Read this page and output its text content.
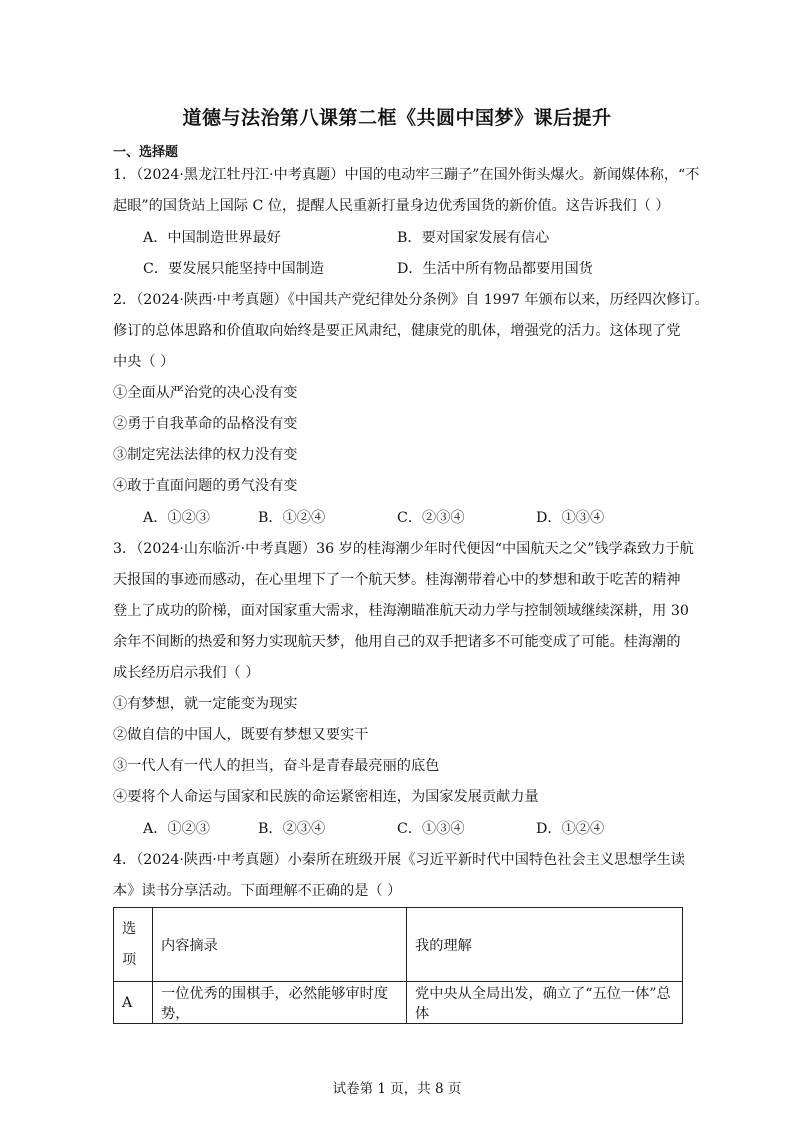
道德与法治第八课第二框《共圆中国梦》课后提升
一、选择题
1．（2024·黑龙江牡丹江·中考真题）中国的电动牢三蹦子”在国外街头爆火。新闻媒体称，“不
起眼”的国货站上国际 C 位，提醒人民重新打量身边优秀国货的新价值。这告诉我们（ ）
A．中国制造世界最好	B．要对国家发展有信心
C．要发展只能坚持中国制造	D．生活中所有物品都要用国货
2．（2024·陕西·中考真题）《中国共产党纪律处分条例》自 1997 年颁布以来，历经四次修订。
修订的总体思路和价值取向始终是要正风肃纪，健康党的肌体，增强党的活力。这体现了党
中央（ ）
①全面从严治党的决心没有变
②勇于自我革命的品格没有变
③制定宪法法律的权力没有变
④敢于直面问题的勇气没有变
A．①②③	B．①②④	C．②③④	D．①③④
3．（2024·山东临沂·中考真题）36 岁的桂海潮少年时代便因“中国航天之父”钱学森致力于航
天报国的事迹而感动，在心里埋下了一个航天梦。桂海潮带着心中的梦想和敢于吃苦的精神
登上了成功的阶梯，面对国家重大需求，桂海潮瞄准航天动力学与控制领域继续深耕，用 30
余年不间断的热爱和努力实现航天梦，他用自己的双手把诸多不可能变成了可能。桂海潮的
成长经历启示我们（ ）
①有梦想，就一定能变为现实
②做自信的中国人，既要有梦想又要实干
③一代人有一代人的担当，奋斗是青春最亮丽的底色
④要将个人命运与国家和民族的命运紧密相连，为国家发展贡献力量
A．①②③	B．②③④	C．①③④	D．①②④
4．（2024·陕西·中考真题）小秦所在班级开展《习近平新时代中国特色社会主义思想学生读
本》读书分享活动。下面理解不正确的是（ ）
选项	内容摘录	我的理解
A	一位优秀的围棋手，必然能够审时度势，	党中央从全局出发，确立了“五位一体”总体
试卷第 1 页，共 8 页
